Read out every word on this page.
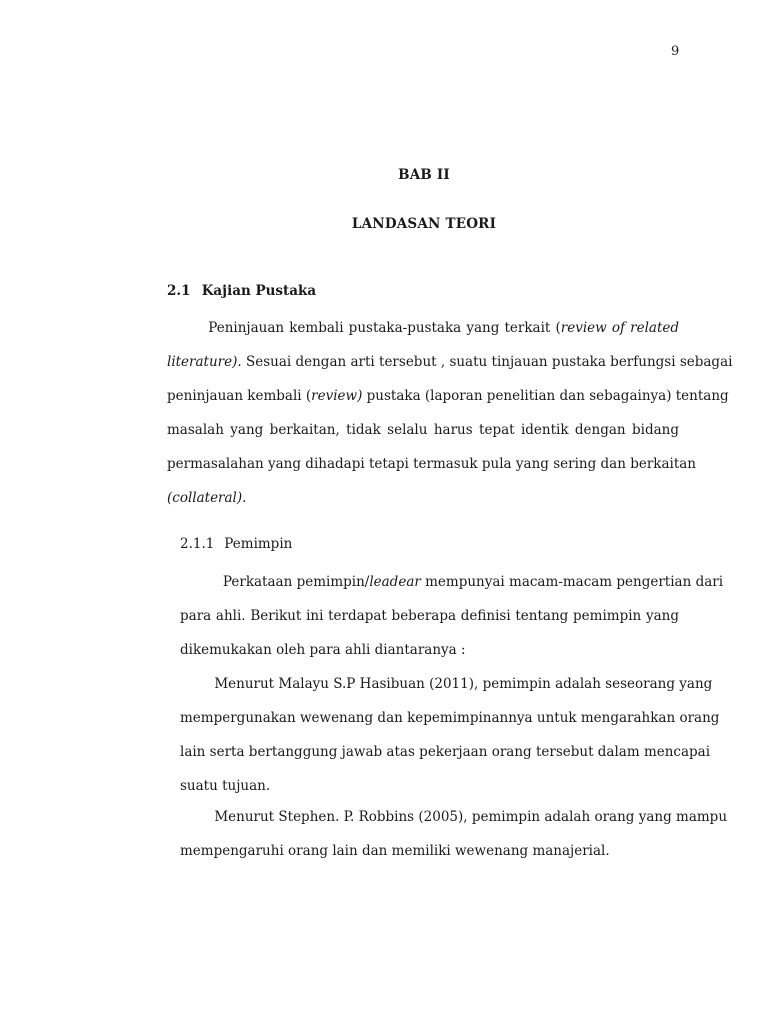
9
BAB II
LANDASAN TEORI
2.1 Kajian Pustaka
Peninjauan kembali pustaka-pustaka yang terkait (review of related
literature). Sesuai dengan arti tersebut , suatu tinjauan pustaka berfungsi sebagai
peninjauan kembali (review) pustaka (laporan penelitian dan sebagainya) tentang
masalah yang berkaitan, tidak selalu harus tepat identik dengan bidang
permasalahan yang dihadapi tetapi termasuk pula yang sering dan berkaitan
(collateral).
2.1.1 Pemimpin
Perkataan pemimpin/leadear mempunyai macam-macam pengertian dari
para ahli. Berikut ini terdapat beberapa definisi tentang pemimpin yang
dikemukakan oleh para ahli diantaranya :
Menurut Malayu S.P Hasibuan (2011), pemimpin adalah seseorang yang
mempergunakan wewenang dan kepemimpinannya untuk mengarahkan orang
lain serta bertanggung jawab atas pekerjaan orang tersebut dalam mencapai
suatu tujuan.
Menurut Stephen. P. Robbins (2005), pemimpin adalah orang yang mampu
mempengaruhi orang lain dan memiliki wewenang manajerial.
